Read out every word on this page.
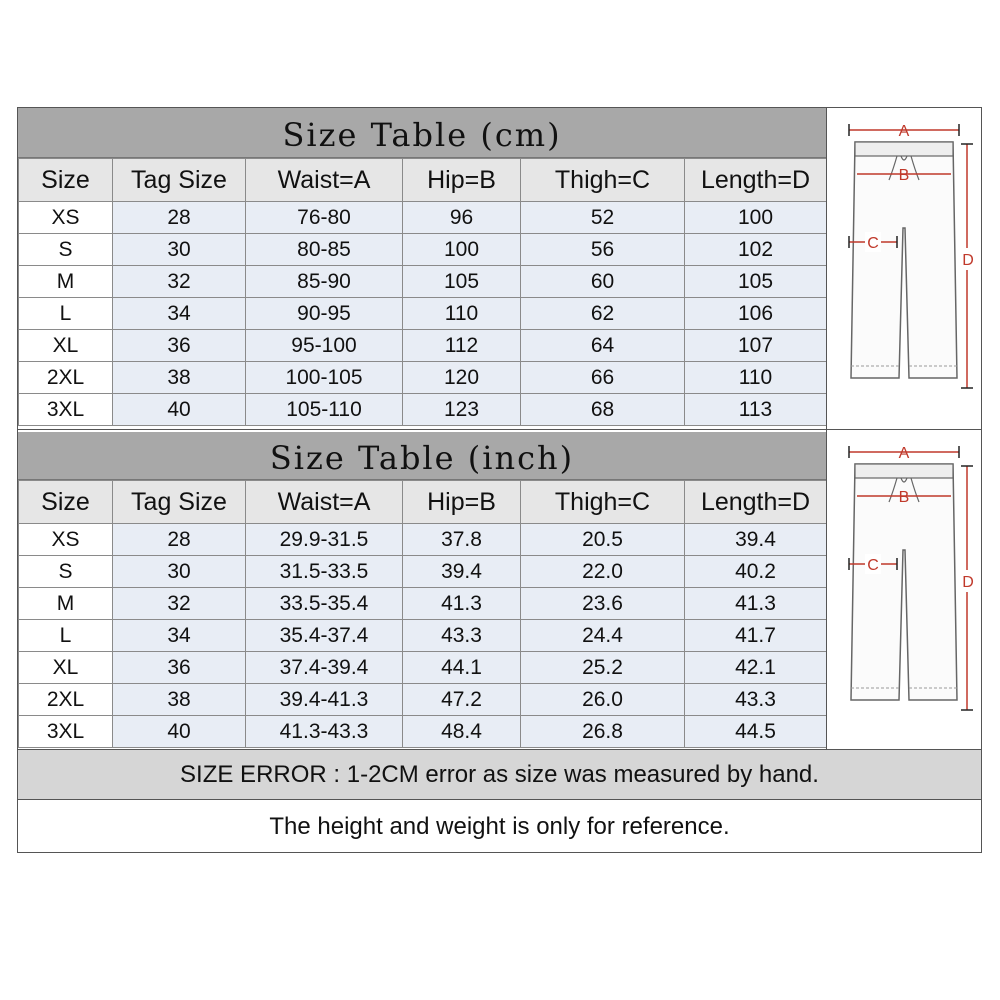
Size Table (cm)
Size	Tag Size	Waist=A	Hip=B	Thigh=C	Length=D
XS	28	76-80	96	52	100
S	30	80-85	100	56	102
M	32	85-90	105	60	105
L	34	90-95	110	62	106
XL	36	95-100	112	64	107
2XL	38	100-105	120	66	110
3XL	40	105-110	123	68	113
A
B
C
D
Size Table (inch)
Size	Tag Size	Waist=A	Hip=B	Thigh=C	Length=D
XS	28	29.9-31.5	37.8	20.5	39.4
S	30	31.5-33.5	39.4	22.0	40.2
M	32	33.5-35.4	41.3	23.6	41.3
L	34	35.4-37.4	43.3	24.4	41.7
XL	36	37.4-39.4	44.1	25.2	42.1
2XL	38	39.4-41.3	47.2	26.0	43.3
3XL	40	41.3-43.3	48.4	26.8	44.5
A
B
C
D
SIZE ERROR : 1-2CM error as size was measured by hand.
The height and weight is only for reference.
